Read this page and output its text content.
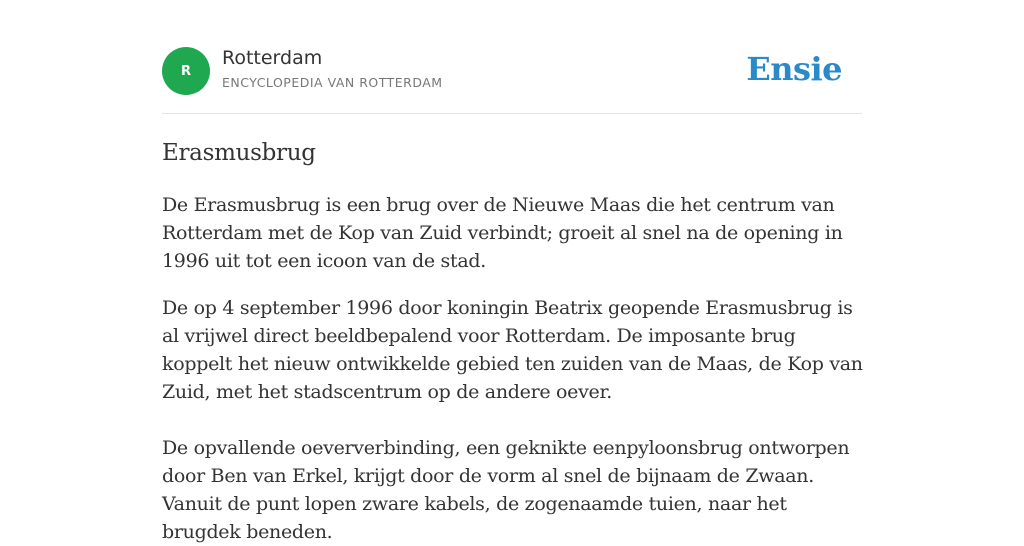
R
Rotterdam
ENCYCLOPEDIA VAN ROTTERDAM	Ensie
Erasmusbrug

De Erasmusbrug is een brug over de Nieuwe Maas die het centrum van Rotterdam met de Kop van Zuid verbindt; groeit al snel na de opening in 1996 uit tot een icoon van de stad.

De op 4 september 1996 door koningin Beatrix geopende Erasmusbrug is al vrijwel direct beeldbepalend voor Rotterdam. De imposante brug koppelt het nieuw ontwikkelde gebied ten zuiden van de Maas, de Kop van Zuid, met het stadscentrum op de andere oever.

De opvallende oeververbinding, een geknikte eenpyloonsbrug ontworpen door Ben van Erkel, krijgt door de vorm al snel de bijnaam de Zwaan. Vanuit de punt lopen zware kabels, de zogenaamde tuien, naar het brugdek beneden.
